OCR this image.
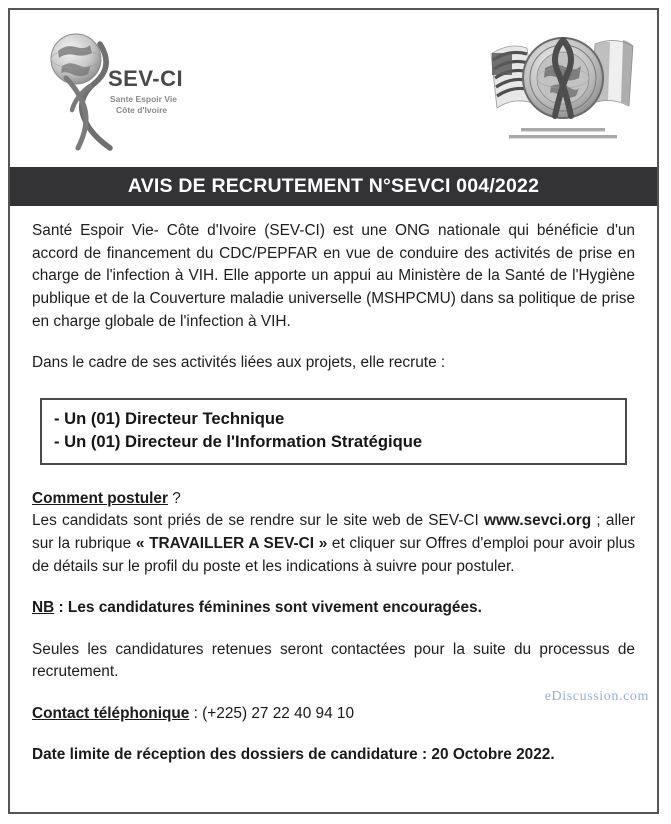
SEV-CI
Sante Espoir Vie
Côte d'Ivoire
AVIS DE RECRUTEMENT N°SEVCI 004/2022

Santé Espoir Vie- Côte d'Ivoire (SEV-CI) est une ONG nationale qui bénéficie d'un accord de financement du CDC/PEPFAR en vue de conduire des activités de prise en charge de l'infection à VIH. Elle apporte un appui au Ministère de la Santé de l'Hygiène publique et de la Couverture maladie universelle (MSHPCMU) dans sa politique de prise en charge globale de l'infection à VIH.

Dans le cadre de ses activités liées aux projets, elle recrute :

- Un (01) Directeur Technique
- Un (01) Directeur de l'Information Stratégique

Comment postuler ?

Les candidats sont priés de se rendre sur le site web de SEV-CI www.sevci.org ; aller sur la rubrique « TRAVAILLER A SEV-CI » et cliquer sur Offres d'emploi pour avoir plus de détails sur le profil du poste et les indications à suivre pour postuler.

NB : Les candidatures féminines sont vivement encouragées.

Seules les candidatures retenues seront contactées pour la suite du processus de recrutement.

Contact téléphonique : (+225) 27 22 40 94 10

Date limite de réception des dossiers de candidature : 20 Octobre 2022.

eDiscussion.com
